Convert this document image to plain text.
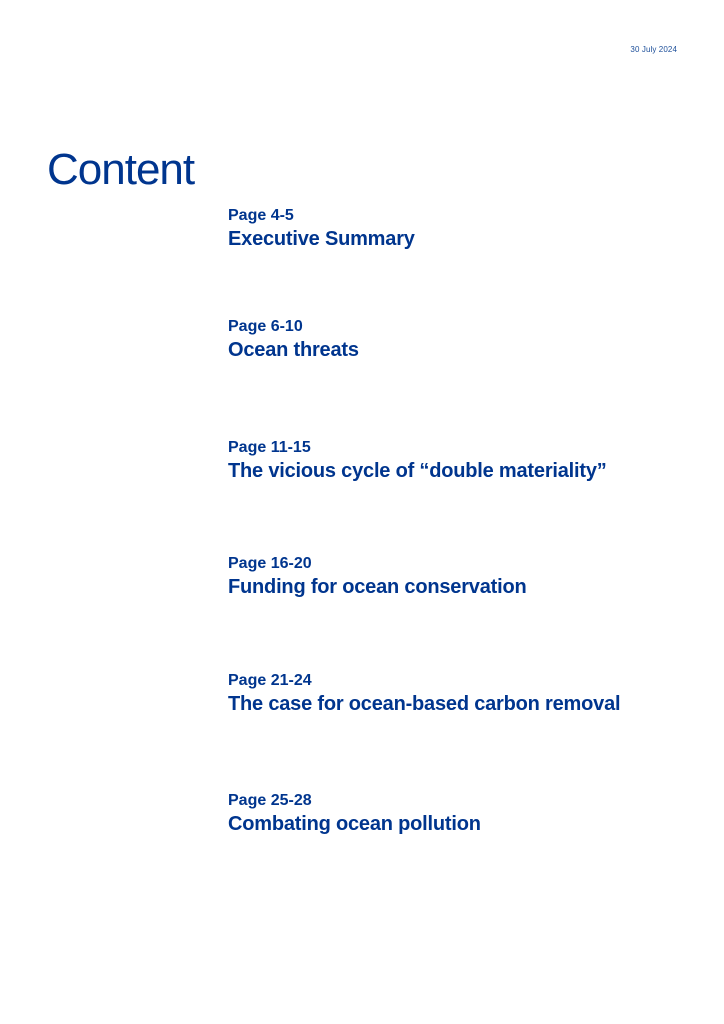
30 July 2024
Content
Page 4-5
Executive Summary
Page 6-10
Ocean threats
Page 11-15
The vicious cycle of “double materiality”
Page 16-20
Funding for ocean conservation
Page 21-24
The case for ocean-based carbon removal
Page 25-28
Combating ocean pollution
